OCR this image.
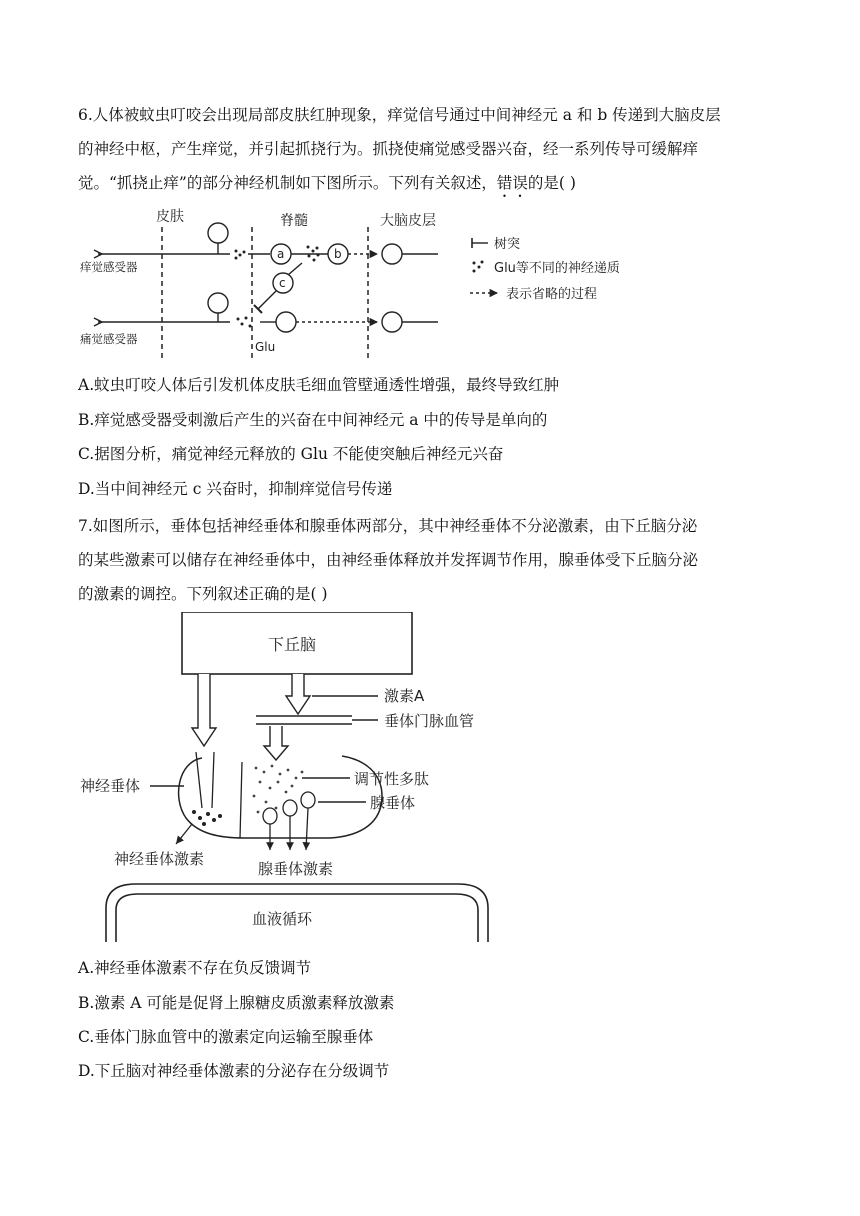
6.人体被蚊虫叮咬会出现局部皮肤红肿现象，痒觉信号通过中间神经元 a 和 b 传递到大脑皮层
的神经中枢，产生痒觉，并引起抓挠行为。抓挠使痛觉感受器兴奋，经一系列传导可缓解痒
觉。“抓挠止痒”的部分神经机制如下图所示。下列有关叙述，错误的是( )
皮肤	脊髓	大脑皮层
痒觉感受器
痛觉感受器
a	b
c
Glu
树突
Glu等不同的神经递质
表示省略的过程
A.蚊虫叮咬人体后引发机体皮肤毛细血管壁通透性增强，最终导致红肿
B.痒觉感受器受刺激后产生的兴奋在中间神经元 a 中的传导是单向的
C.据图分析，痛觉神经元释放的 Glu 不能使突触后神经元兴奋
D.当中间神经元 c 兴奋时，抑制痒觉信号传递
7.如图所示，垂体包括神经垂体和腺垂体两部分，其中神经垂体不分泌激素，由下丘脑分泌
的某些激素可以储存在神经垂体中，由神经垂体释放并发挥调节作用，腺垂体受下丘脑分泌
的激素的调控。下列叙述正确的是( )
下丘脑
激素A
垂体门脉血管
神经垂体	调节性多肽
腺垂体
神经垂体激素
腺垂体激素
血液循环
A.神经垂体激素不存在负反馈调节
B.激素 A 可能是促肾上腺糖皮质激素释放激素
C.垂体门脉血管中的激素定向运输至腺垂体
D.下丘脑对神经垂体激素的分泌存在分级调节
